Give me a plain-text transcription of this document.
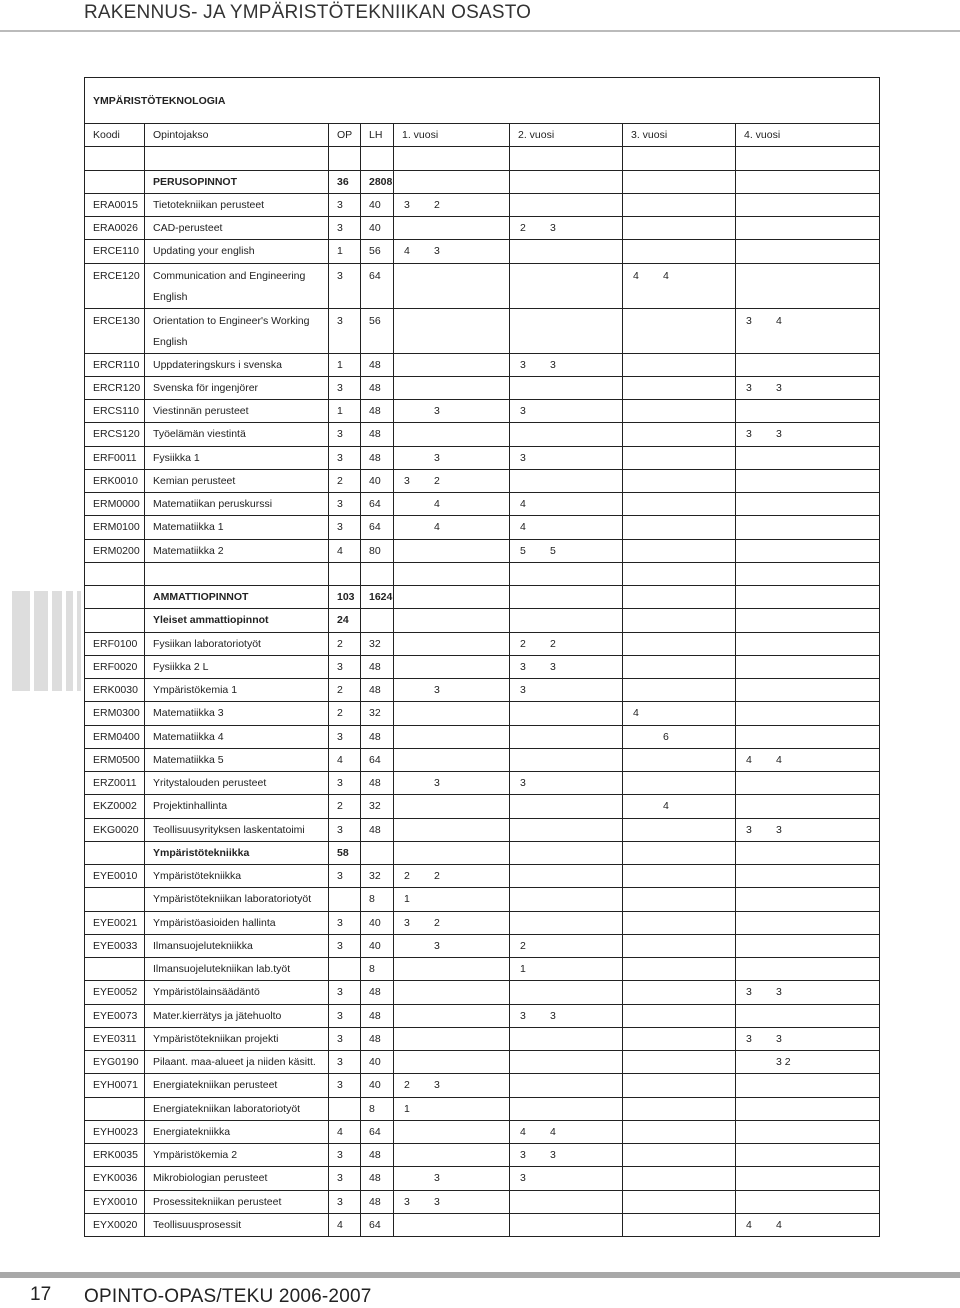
RAKENNUS- JA YMPÄRISTÖTEKNIIKAN OSASTO
YMPÄRISTÖTEKNOLOGIA							
Koodi	Opintojakso	OP	LH	1. vuosi	2. vuosi	3. vuosi	4. vuosi

	PERUSOPINNOT	36	2808				
ERA0015	Tietotekniikan perusteet	3	40	3 2			
ERA0026	CAD-perusteet	3	40		2 3		
ERCE110	Updating your english	1	56	4 3			
ERCE120	Communication and Engineering
English	3	64			4 4	
ERCE130	Orientation to Engineer's Working
English	3	56				3 4
ERCR110	Uppdateringskurs i svenska	1	48		3 3		
ERCR120	Svenska för ingenjörer	3	48				3 3
ERCS110	Viestinnän perusteet	1	48	3	3		
ERCS120	Työelämän viestintä	3	48				3 3
ERF0011	Fysiikka 1	3	48	3	3		
ERK0010	Kemian perusteet	2	40	3 2			
ERM0000	Matematiikan peruskurssi	3	64	4	4		
ERM0100	Matematiikka 1	3	64	4	4		
ERM0200	Matematiikka 2	4	80		5 5		

	AMMATTIOPINNOT	103	1624				

	Yleiset ammattiopinnot	24					
ERF0100	Fysiikan laboratoriotyöt	2	32		2 2		
ERF0020	Fysiikka 2 L	3	48		3 3		
ERK0030	Ympäristökemia 1	2	48	3	3		
ERM0300	Matematiikka 3	2	32			4	
ERM0400	Matematiikka 4	3	48			6	
ERM0500	Matematiikka 5	4	64				4 4
ERZ0011	Yritystalouden perusteet	3	48	3	3		
EKZ0002	Projektinhallinta	2	32			4	
EKG0020	Teollisuusyrityksen laskentatoimi	3	48				3 3

	Ympäristötekniikka	58					
EYE0010	Ympäristötekniikka	3	32	2 2			

	Ympäristötekniikan laboratoriotyöt		8	1			
EYE0021	Ympäristöasioiden hallinta	3	40	3 2			
EYE0033	Ilmansuojelutekniikka	3	40	3	2		

	Ilmansuojelutekniikan lab.työt		8		1		
EYE0052	Ympäristölainsäädäntö	3	48				3 3
EYE0073	Mater.kierrätys ja jätehuolto	3	48		3 3		
EYE0311	Ympäristötekniikan projekti	3	48				3 3
EYG0190	Pilaant. maa-alueet ja niiden käsitt.	3	40				3 2
EYH0071	Energiatekniikan perusteet	3	40	2 3			

	Energiatekniikan laboratoriotyöt		8	1			
EYH0023	Energiatekniikka	4	64		4 4		
ERK0035	Ympäristökemia 2	3	48		3 3		
EYK0036	Mikrobiologian perusteet	3	48	3	3		
EYX0010	Prosessitekniikan perusteet	3	48	3 3			
EYX0020	Teollisuusprosessit	4	64				4 4
17 OPINTO-OPAS/TEKU 2006-2007
